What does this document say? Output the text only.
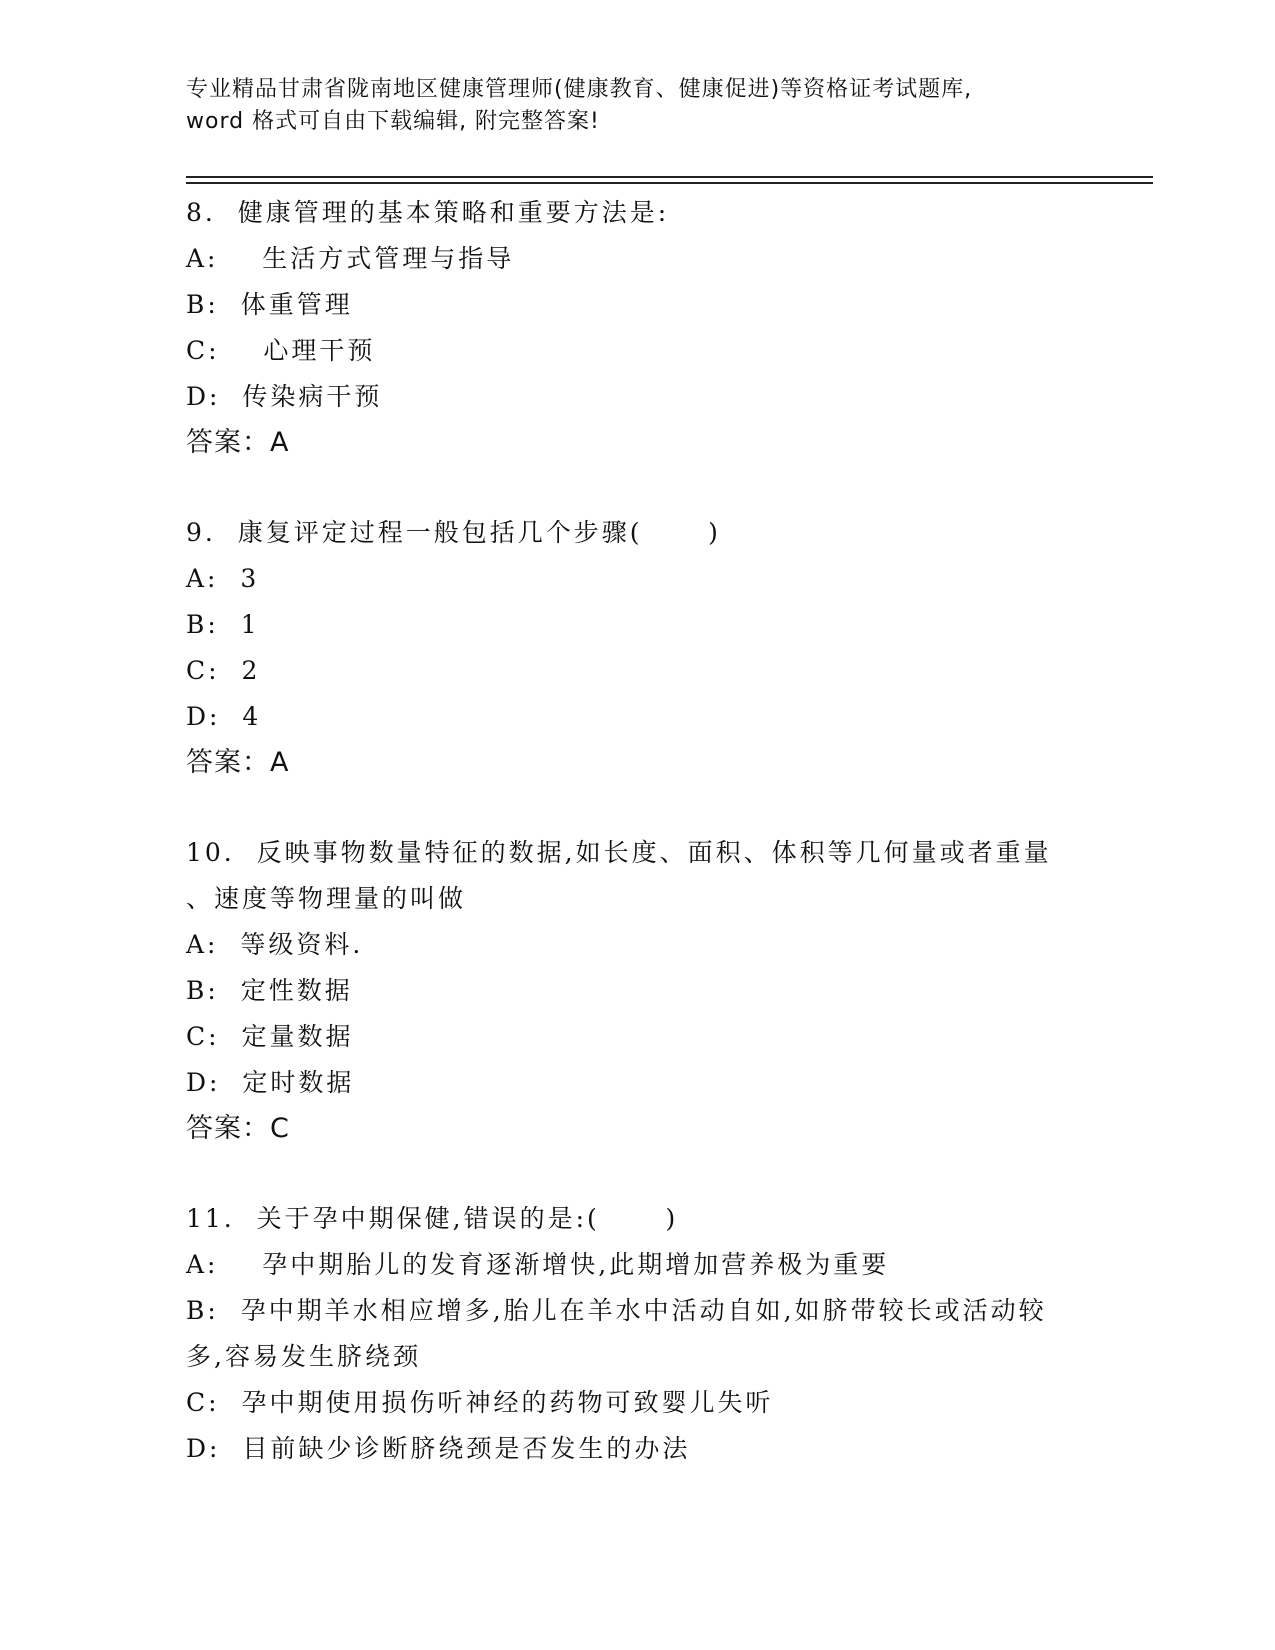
专业精品甘肃省陇南地区健康管理师(健康教育、健康促进)等资格证考试题库,
word 格式可自由下载编辑, 附完整答案!
8.  健康管理的基本策略和重要方法是:
A:    生活方式管理与指导
B:  体重管理
C:    心理干预
D:  传染病干预
答案：A
9.  康复评定过程一般包括几个步骤(      )
A:  3
B:  1
C:  2
D:  4
答案：A
10.  反映事物数量特征的数据,如长度、面积、体积等几何量或者重量
、速度等物理量的叫做
A:  等级资料.
B:  定性数据
C:  定量数据
D:  定时数据
答案：C
11.  关于孕中期保健,错误的是:(      )
A:    孕中期胎儿的发育逐渐增快,此期增加营养极为重要
B:  孕中期羊水相应增多,胎儿在羊水中活动自如,如脐带较长或活动较
多,容易发生脐绕颈
C:  孕中期使用损伤听神经的药物可致婴儿失听
D:  目前缺少诊断脐绕颈是否发生的办法
